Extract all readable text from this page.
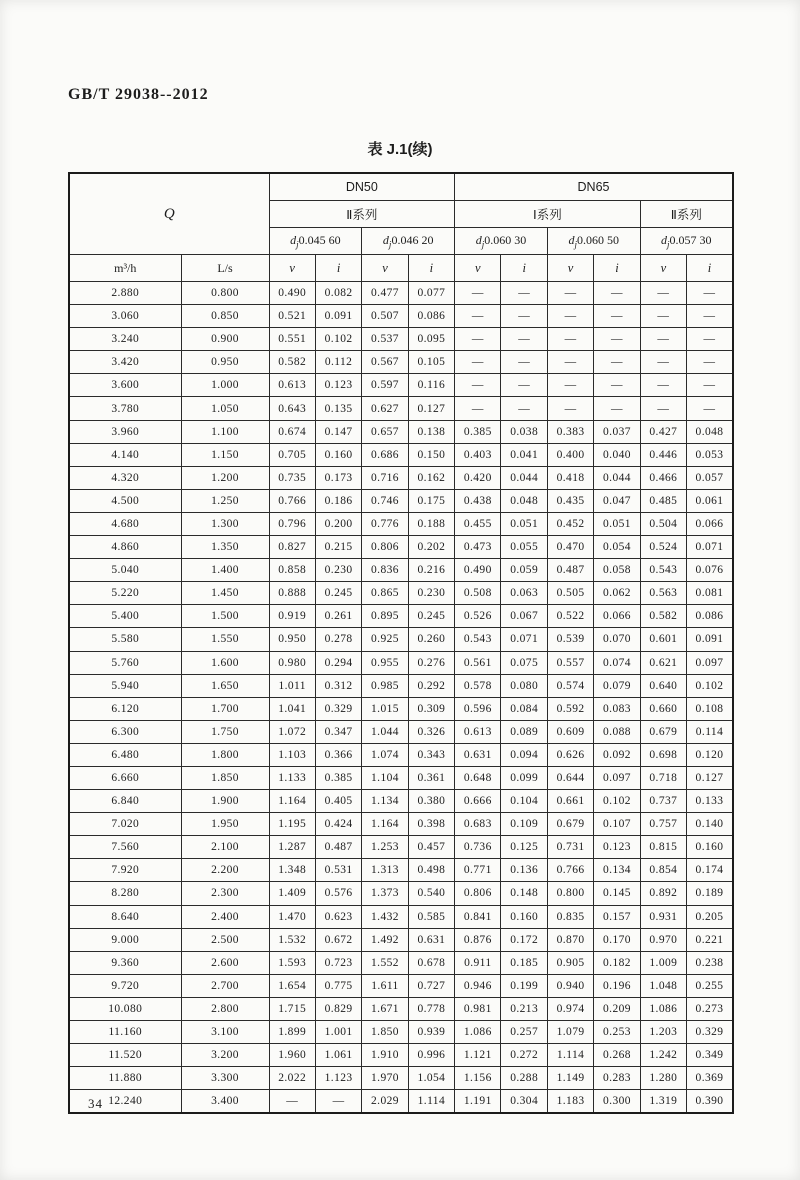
GB/T 29038--2012
表 J.1(续)
Q		DN50				DN65					
		Ⅱ系列				Ⅰ系列				Ⅱ系列	
		$d_j0.045$ 60		$d_j0.046$ 20		$d_j0.060$ 30		$d_j0.060$ 50		$d_j0.057$ 30	
m³/h	L/s	v	i	v	i	v	i	v	i	v	i
2.880	0.800	0.490	0.082	0.477	0.077	—	—	—	—	—	—
3.060	0.850	0.521	0.091	0.507	0.086	—	—	—	—	—	—
3.240	0.900	0.551	0.102	0.537	0.095	—	—	—	—	—	—
3.420	0.950	0.582	0.112	0.567	0.105	—	—	—	—	—	—
3.600	1.000	0.613	0.123	0.597	0.116	—	—	—	—	—	—
3.780	1.050	0.643	0.135	0.627	0.127	—	—	—	—	—	—
3.960	1.100	0.674	0.147	0.657	0.138	0.385	0.038	0.383	0.037	0.427	0.048
4.140	1.150	0.705	0.160	0.686	0.150	0.403	0.041	0.400	0.040	0.446	0.053
4.320	1.200	0.735	0.173	0.716	0.162	0.420	0.044	0.418	0.044	0.466	0.057
4.500	1.250	0.766	0.186	0.746	0.175	0.438	0.048	0.435	0.047	0.485	0.061
4.680	1.300	0.796	0.200	0.776	0.188	0.455	0.051	0.452	0.051	0.504	0.066
4.860	1.350	0.827	0.215	0.806	0.202	0.473	0.055	0.470	0.054	0.524	0.071
5.040	1.400	0.858	0.230	0.836	0.216	0.490	0.059	0.487	0.058	0.543	0.076
5.220	1.450	0.888	0.245	0.865	0.230	0.508	0.063	0.505	0.062	0.563	0.081
5.400	1.500	0.919	0.261	0.895	0.245	0.526	0.067	0.522	0.066	0.582	0.086
5.580	1.550	0.950	0.278	0.925	0.260	0.543	0.071	0.539	0.070	0.601	0.091
5.760	1.600	0.980	0.294	0.955	0.276	0.561	0.075	0.557	0.074	0.621	0.097
5.940	1.650	1.011	0.312	0.985	0.292	0.578	0.080	0.574	0.079	0.640	0.102
6.120	1.700	1.041	0.329	1.015	0.309	0.596	0.084	0.592	0.083	0.660	0.108
6.300	1.750	1.072	0.347	1.044	0.326	0.613	0.089	0.609	0.088	0.679	0.114
6.480	1.800	1.103	0.366	1.074	0.343	0.631	0.094	0.626	0.092	0.698	0.120
6.660	1.850	1.133	0.385	1.104	0.361	0.648	0.099	0.644	0.097	0.718	0.127
6.840	1.900	1.164	0.405	1.134	0.380	0.666	0.104	0.661	0.102	0.737	0.133
7.020	1.950	1.195	0.424	1.164	0.398	0.683	0.109	0.679	0.107	0.757	0.140
7.560	2.100	1.287	0.487	1.253	0.457	0.736	0.125	0.731	0.123	0.815	0.160
7.920	2.200	1.348	0.531	1.313	0.498	0.771	0.136	0.766	0.134	0.854	0.174
8.280	2.300	1.409	0.576	1.373	0.540	0.806	0.148	0.800	0.145	0.892	0.189
8.640	2.400	1.470	0.623	1.432	0.585	0.841	0.160	0.835	0.157	0.931	0.205
9.000	2.500	1.532	0.672	1.492	0.631	0.876	0.172	0.870	0.170	0.970	0.221
9.360	2.600	1.593	0.723	1.552	0.678	0.911	0.185	0.905	0.182	1.009	0.238
9.720	2.700	1.654	0.775	1.611	0.727	0.946	0.199	0.940	0.196	1.048	0.255
10.080	2.800	1.715	0.829	1.671	0.778	0.981	0.213	0.974	0.209	1.086	0.273
11.160	3.100	1.899	1.001	1.850	0.939	1.086	0.257	1.079	0.253	1.203	0.329
11.520	3.200	1.960	1.061	1.910	0.996	1.121	0.272	1.114	0.268	1.242	0.349
11.880	3.300	2.022	1.123	1.970	1.054	1.156	0.288	1.149	0.283	1.280	0.369
12.240	3.400	—	—	2.029	1.114	1.191	0.304	1.183	0.300	1.319	0.390
34
